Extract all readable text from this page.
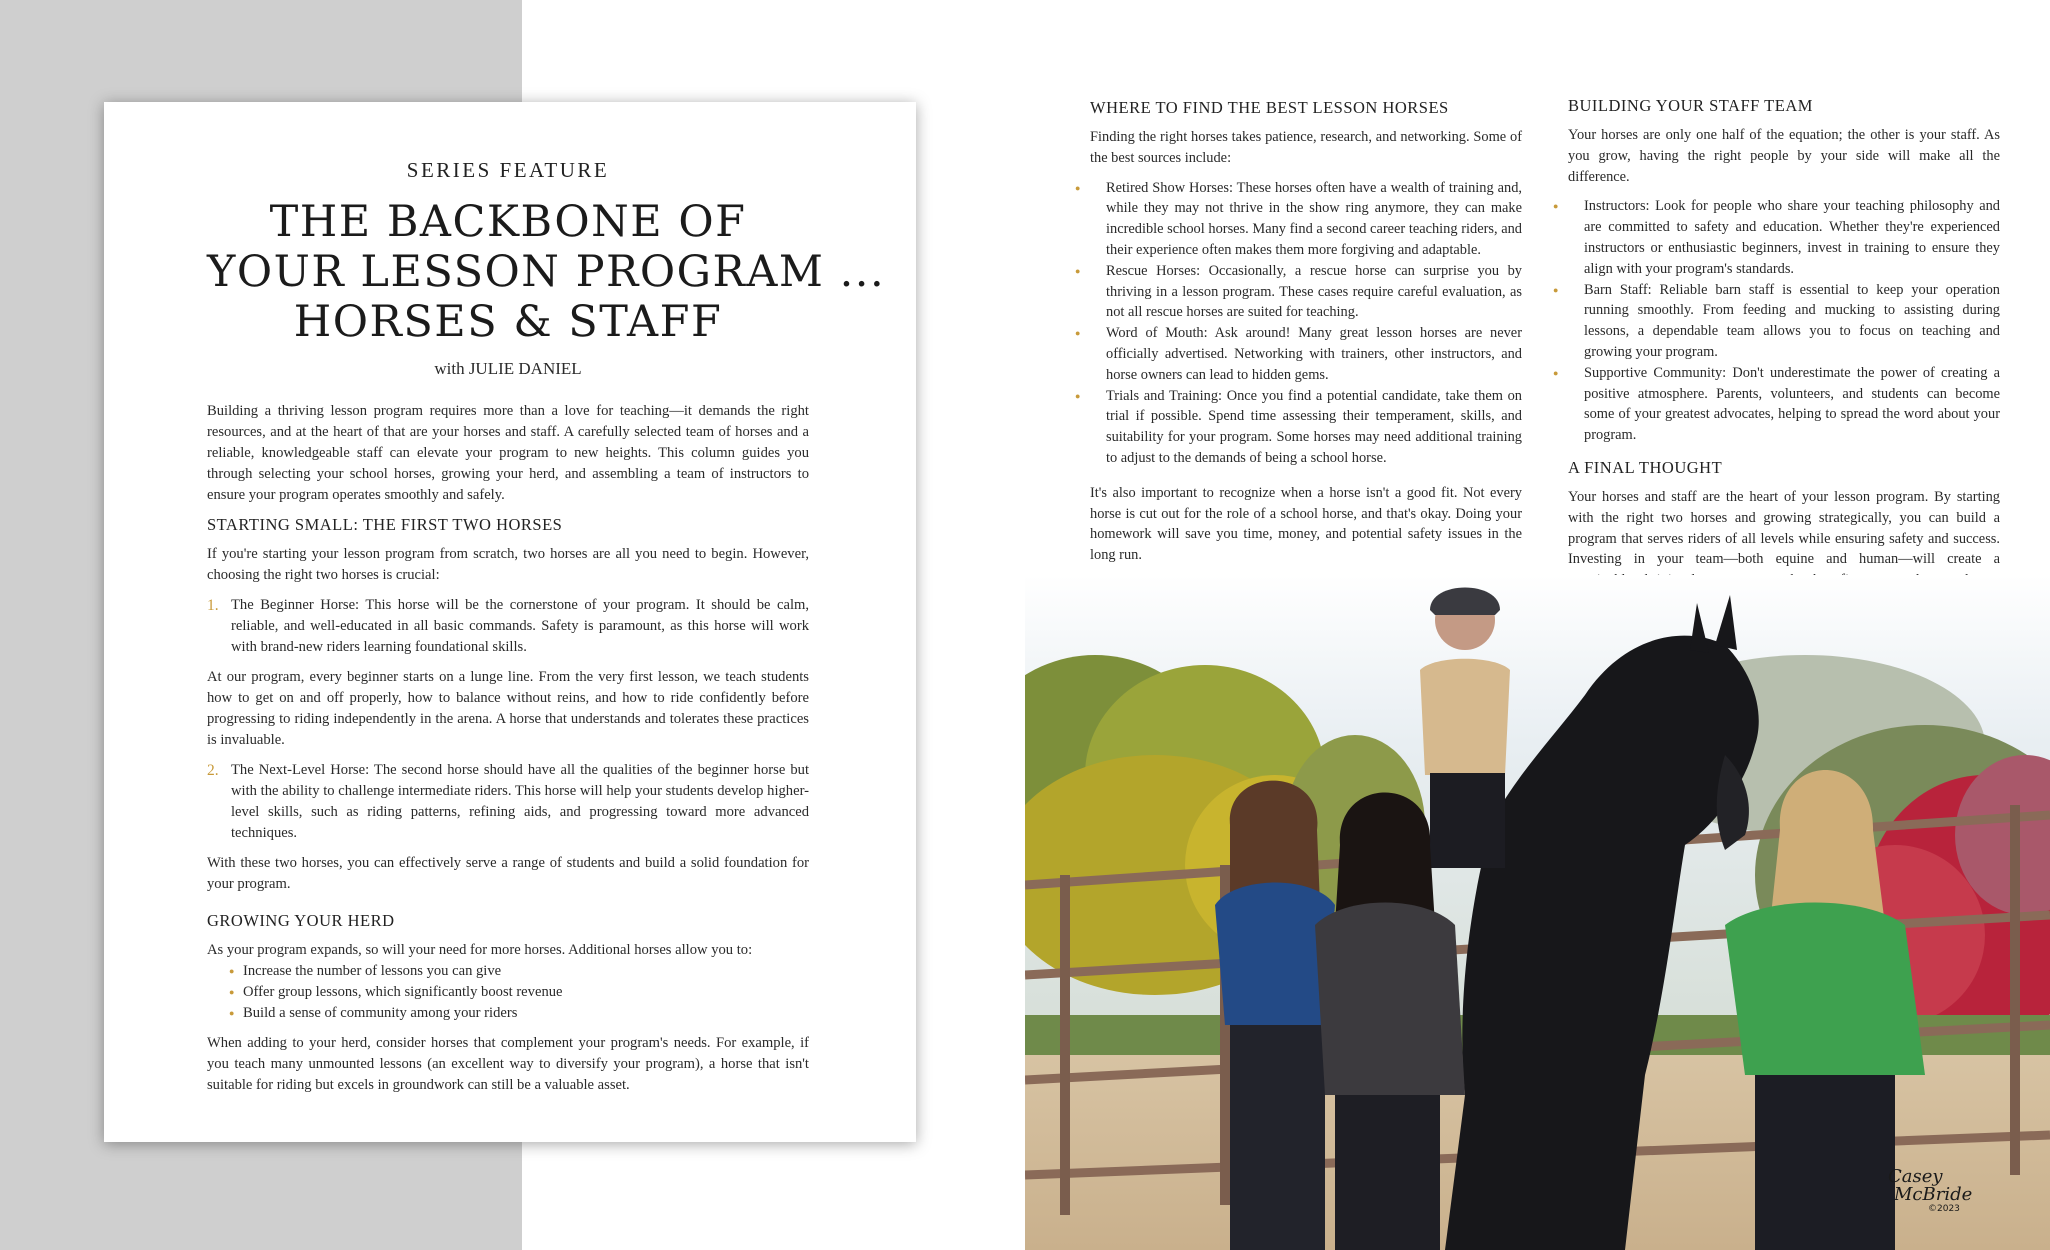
SERIES FEATURE
THE BACKBONE OF
YOUR LESSON PROGRAM ...
HORSES & STAFF
with JULIE DANIEL

Building a thriving lesson program requires more than a love for teaching—it demands the right resources, and at the heart of that are your horses and staff. A carefully selected team of horses and a reliable, knowledgeable staff can elevate your program to new heights. This column guides you through selecting your school horses, growing your herd, and assembling a team of instructors to ensure your program operates smoothly and safely.

STARTING SMALL: THE FIRST TWO HORSES

If you're starting your lesson program from scratch, two horses are all you need to begin. However, choosing the right two horses is crucial:

1. The Beginner Horse: This horse will be the cornerstone of your program. It should be calm, reliable, and well-educated in all basic commands. Safety is paramount, as this horse will work with brand-new riders learning foundational skills.

At our program, every beginner starts on a lunge line. From the very first lesson, we teach students how to get on and off properly, how to balance without reins, and how to ride confidently before progressing to riding independently in the arena. A horse that understands and tolerates these practices is invaluable.

2. The Next-Level Horse: The second horse should have all the qualities of the beginner horse but with the ability to challenge intermediate riders. This horse will help your students develop higher-level skills, such as riding patterns, refining aids, and progressing toward more advanced techniques.

With these two horses, you can effectively serve a range of students and build a solid foundation for your program.

GROWING YOUR HERD

As your program expands, so will your need for more horses. Additional horses allow you to:

● Increase the number of lessons you can give
● Offer group lessons, which significantly boost revenue
● Build a sense of community among your riders

When adding to your herd, consider horses that complement your program's needs. For example, if you teach many unmounted lessons (an excellent way to diversify your program), a horse that isn't suitable for riding but excels in groundwork can still be a valuable asset.

WHERE TO FIND THE BEST LESSON HORSES

Finding the right horses takes patience, research, and networking. Some of the best sources include:

● Retired Show Horses: These horses often have a wealth of training and, while they may not thrive in the show ring anymore, they can make incredible school horses. Many find a second career teaching riders, and their experience often makes them more forgiving and adaptable.
● Rescue Horses: Occasionally, a rescue horse can surprise you by thriving in a lesson program. These cases require careful evaluation, as not all rescue horses are suited for teaching.
● Word of Mouth: Ask around! Many great lesson horses are never officially advertised. Networking with trainers, other instructors, and horse owners can lead to hidden gems.
● Trials and Training: Once you find a potential candidate, take them on trial if possible. Spend time assessing their temperament, skills, and suitability for your program. Some horses may need additional training to adjust to the demands of being a school horse.

It's also important to recognize when a horse isn't a good fit. Not every horse is cut out for the role of a school horse, and that's okay. Doing your homework will save you time, money, and potential safety issues in the long run.

BUILDING YOUR STAFF TEAM

Your horses are only one half of the equation; the other is your staff. As you grow, having the right people by your side will make all the difference.

● Instructors: Look for people who share your teaching philosophy and are committed to safety and education. Whether they're experienced instructors or enthusiastic beginners, invest in training to ensure they align with your program's standards.
● Barn Staff: Reliable barn staff is essential to keep your operation running smoothly. From feeding and mucking to assisting during lessons, a dependable team allows you to focus on teaching and growing your program.
● Supportive Community: Don't underestimate the power of creating a positive atmosphere. Parents, volunteers, and students can become some of your greatest advocates, helping to spread the word about your program.
A FINAL THOUGHT

Your horses and staff are the heart of your lesson program. By starting with the right two horses and growing strategically, you can build a program that serves riders of all levels while ensuring safety and success. Investing in your team—both equine and human—will create a

Casey
McBride
©2023
